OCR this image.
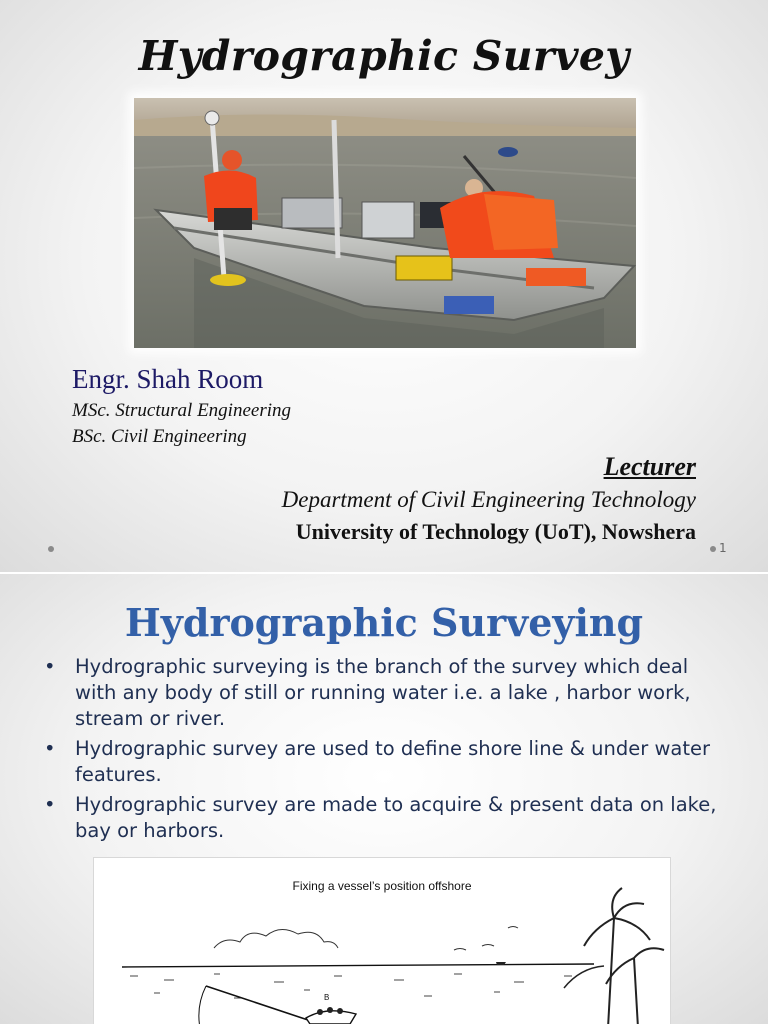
Hydrographic Survey
Engr. Shah Room
MSc. Structural Engineering
BSc. Civil Engineering
Lecturer
Department of Civil Engineering Technology
University of Technology (UoT), Nowshera
1
Hydrographic Surveying
• Hydrographic surveying is the branch of the survey which deal with any body of still or running water i.e. a lake , harbor work, stream or river.
• Hydrographic survey are used to define shore line & under water features.
• Hydrographic survey are made to acquire & present data on lake, bay or harbors.
Fixing a vessel’s position offshore
B
